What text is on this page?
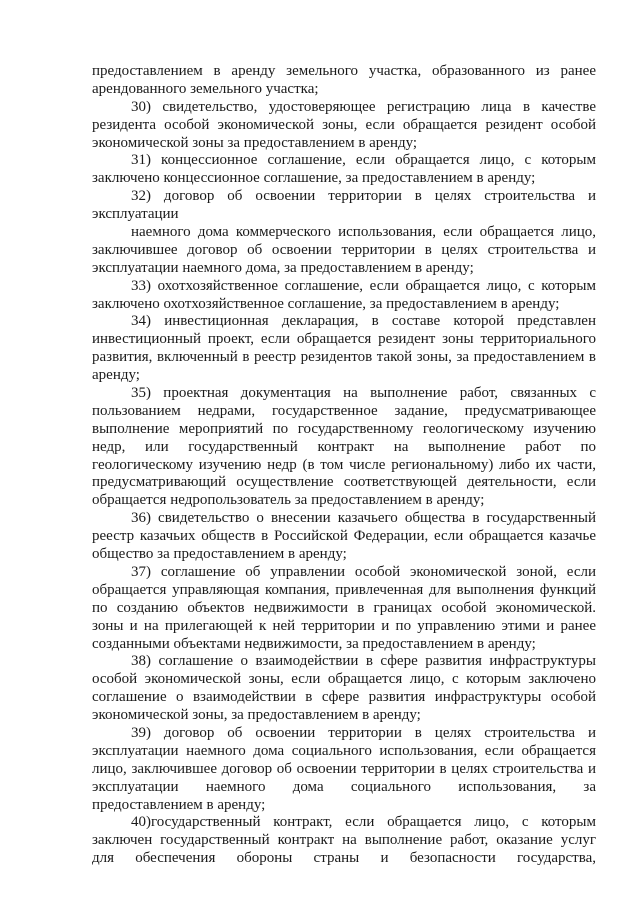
предоставлением в аренду земельного участка, образованного из ранее
арендованного земельного участка;
30) свидетельство, удостоверяющее регистрацию лица в качестве
резидента особой экономической зоны, если обращается резидент особой
экономической зоны за предоставлением в аренду;
31) концессионное соглашение, если обращается лицо, с которым
заключено концессионное соглашение, за предоставлением в аренду;
32) договор об освоении территории в целях строительства и
эксплуатации
наемного дома коммерческого использования, если обращается лицо,
заключившее договор об освоении территории в целях строительства и
эксплуатации наемного дома, за предоставлением в аренду;
33) охотхозяйственное соглашение, если обращается лицо, с которым
заключено охотхозяйственное соглашение, за предоставлением в аренду;
34) инвестиционная декларация, в составе которой представлен
инвестиционный проект, если обращается резидент зоны территориального
развития, включенный в реестр резидентов такой зоны, за предоставлением в
аренду;
35) проектная документация на выполнение работ, связанных с
пользованием недрами, государственное задание, предусматривающее
выполнение мероприятий по государственному геологическому изучению
недр, или государственный контракт на выполнение работ по
геологическому изучению недр (в том числе региональному) либо их части,
предусматривающий осуществление соответствующей деятельности, если
обращается недропользователь за предоставлением в аренду;
36) свидетельство о внесении казачьего общества в государственный
реестр казачьих обществ в Российской Федерации, если обращается казачье
общество за предоставлением в аренду;
37) соглашение об управлении особой экономической зоной, если
обращается управляющая компания, привлеченная для выполнения функций
по созданию объектов недвижимости в границах особой экономической.
зоны и на прилегающей к ней территории и по управлению этими и ранее
созданными объектами недвижимости, за предоставлением в аренду;
38) соглашение о взаимодействии в сфере развития инфраструктуры
особой экономической зоны, если обращается лицо, с которым заключено
соглашение о взаимодействии в сфере развития инфраструктуры особой
экономической зоны, за предоставлением в аренду;
39) договор об освоении территории в целях строительства и
эксплуатации наемного дома социального использования, если обращается
лицо, заключившее договор об освоении территории в целях строительства и
эксплуатации наемного дома социального использования, за
предоставлением в аренду;
40)государственный контракт, если обращается лицо, с которым
заключен государственный контракт на выполнение работ, оказание услуг
для обеспечения обороны страны и безопасности государства,
